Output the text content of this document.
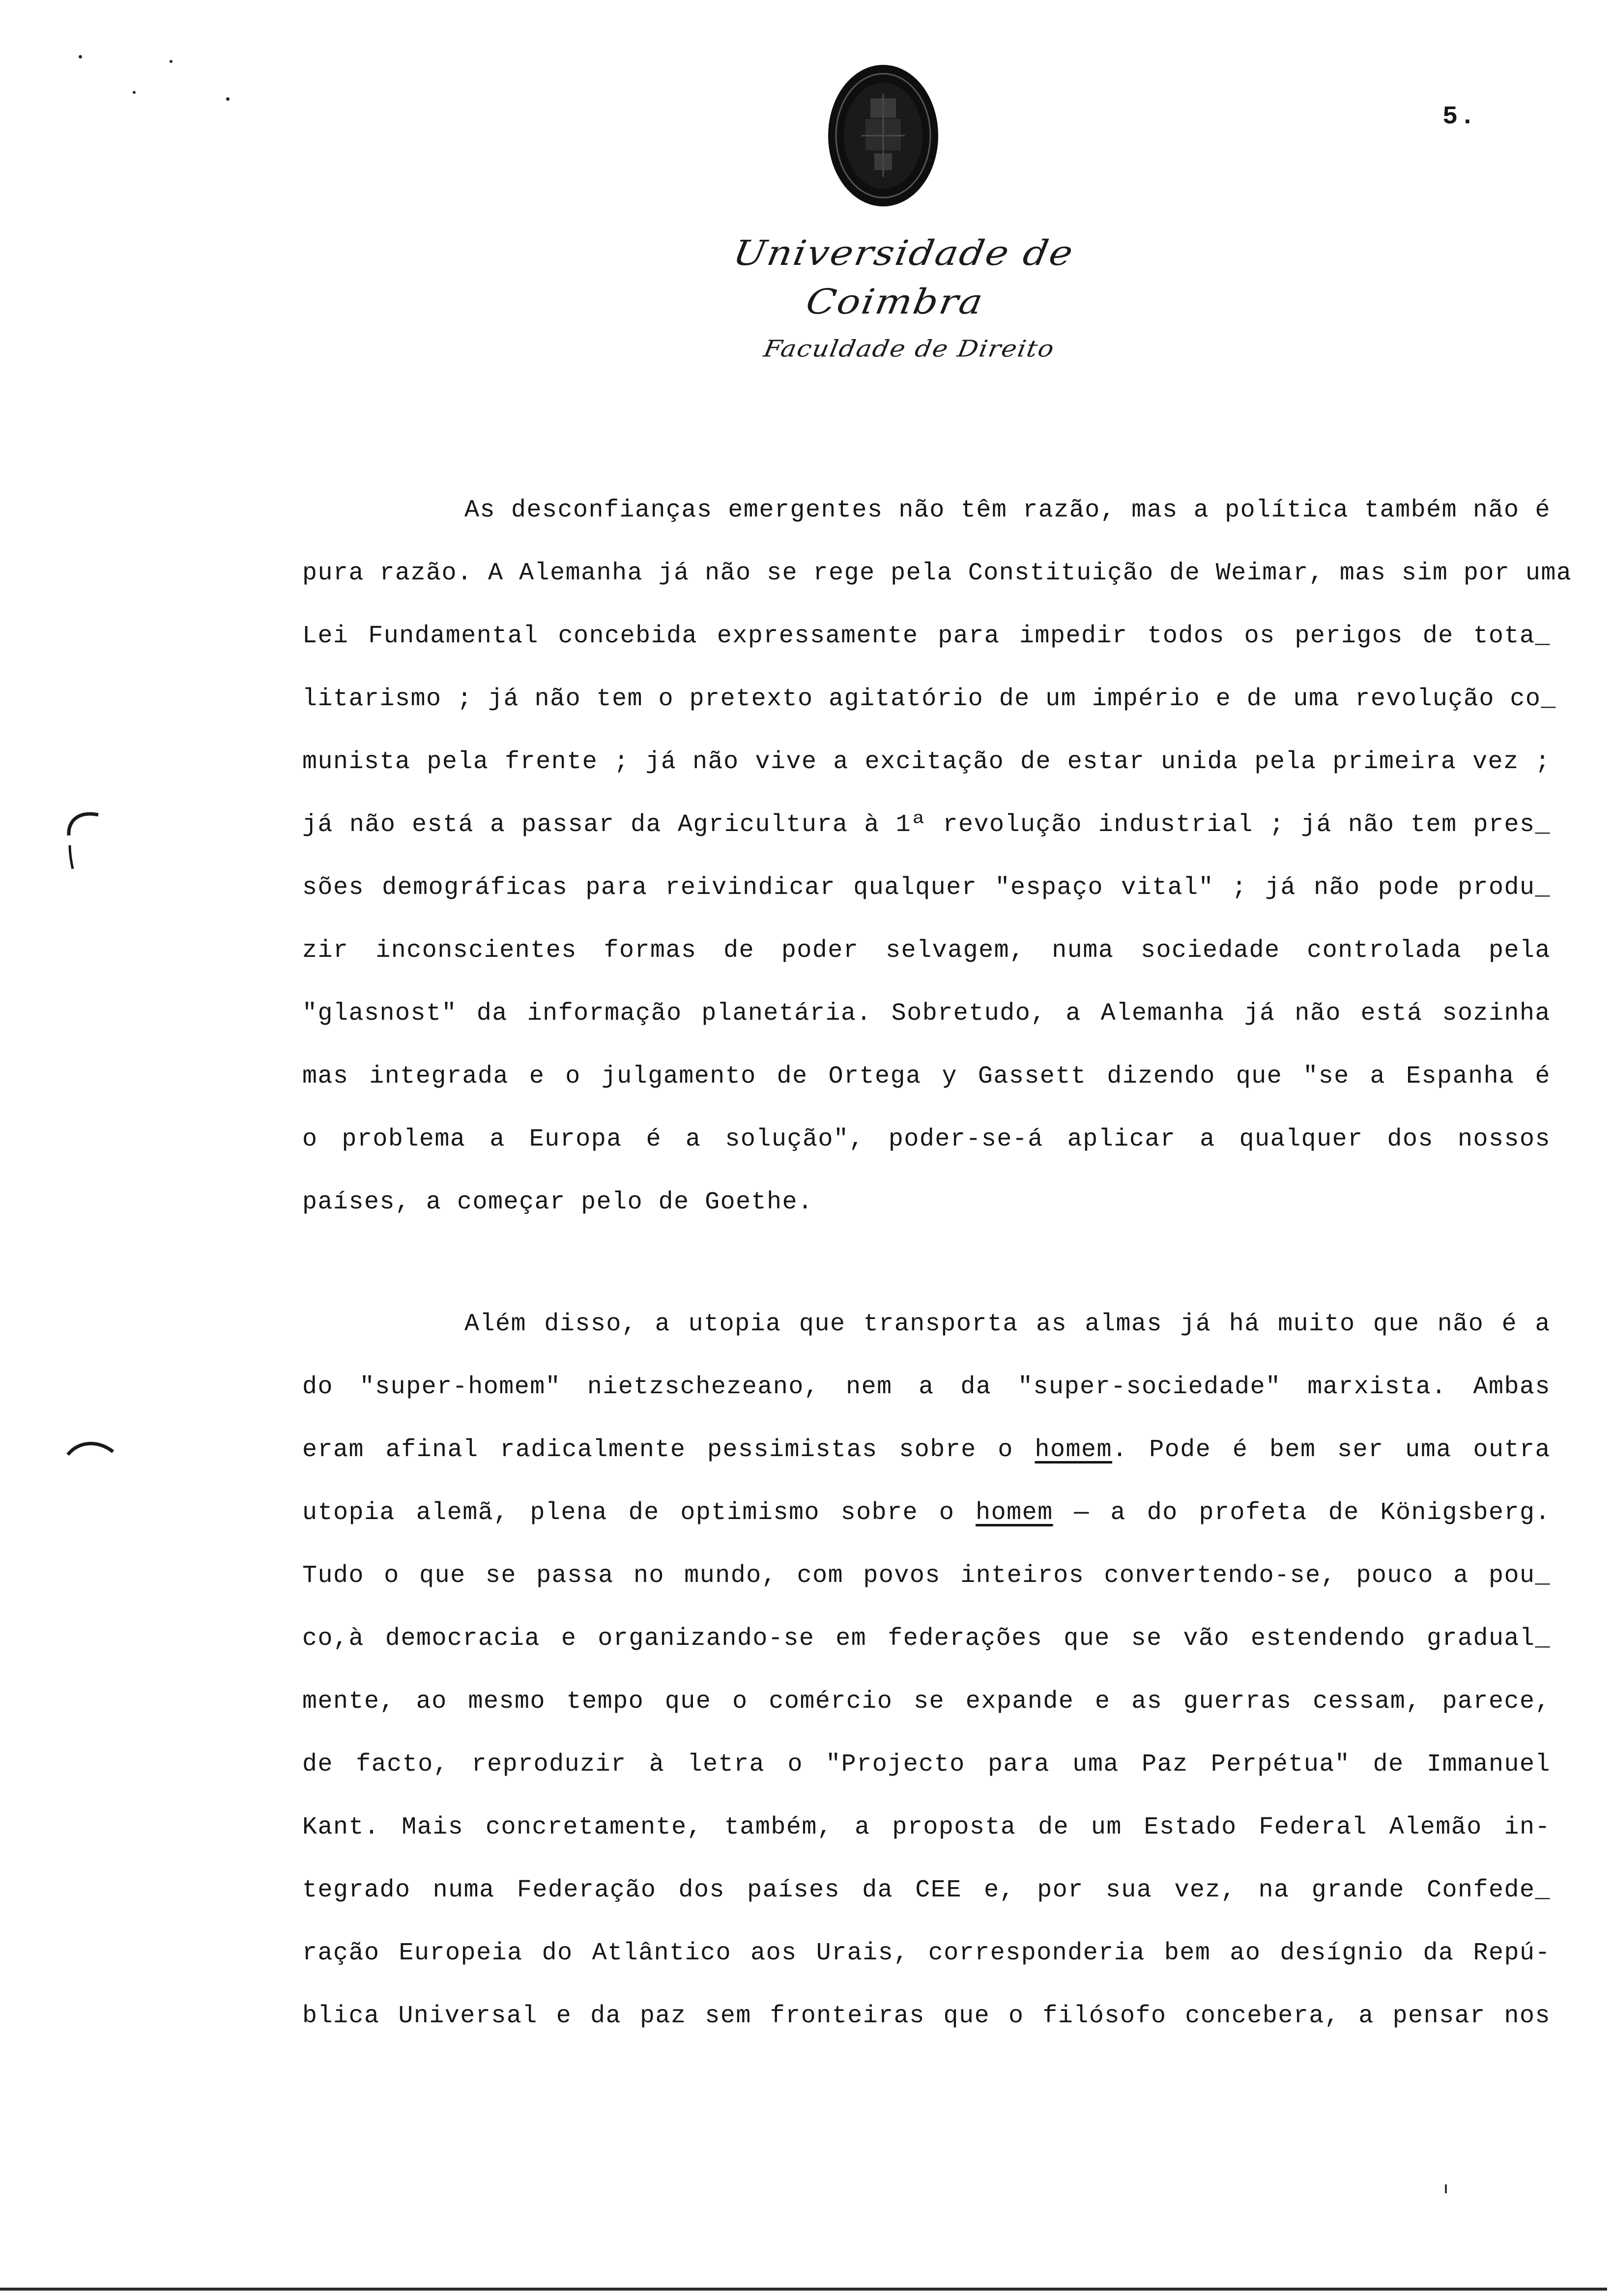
5.
Universidade de Coimbra
Faculdade de Direito
As desconfianças emergentes não têm razão, mas a política também não é
pura razão. A Alemanha já não se rege pela Constituição de Weimar, mas sim por uma
Lei Fundamental concebida expressamente para impedir todos os perigos de tota_
litarismo ; já não tem o pretexto agitatório de um império e de uma revolução co_
munista pela frente ; já não vive a excitação de estar unida pela primeira vez ;
já não está a passar da Agricultura à 1ª revolução industrial ; já não tem pres_
sões demográficas para reivindicar qualquer "espaço vital" ; já não pode produ_
zir inconscientes formas de poder selvagem, numa sociedade controlada pela
"glasnost" da informação planetária. Sobretudo, a Alemanha já não está sozinha
mas integrada e o julgamento de Ortega y Gassett dizendo que "se a Espanha é
o problema a Europa é a solução", poder-se-á aplicar a qualquer dos nossos
países, a começar pelo de Goethe.
Além disso, a utopia que transporta as almas já há muito que não é a
do "super-homem" nietzschezeano, nem a da "super-sociedade" marxista. Ambas
eram afinal radicalmente pessimistas sobre o homem. Pode é bem ser uma outra
utopia alemã, plena de optimismo sobre o homem — a do profeta de Königsberg.
Tudo o que se passa no mundo, com povos inteiros convertendo-se, pouco a pou_
co,à democracia e organizando-se em federações que se vão estendendo gradual_
mente, ao mesmo tempo que o comércio se expande e as guerras cessam, parece,
de facto, reproduzir à letra o "Projecto para uma Paz Perpétua" de Immanuel
Kant. Mais concretamente, também, a proposta de um Estado Federal Alemão in-
tegrado numa Federação dos países da CEE e, por sua vez, na grande Confede_
ração Europeia do Atlântico aos Urais, corresponderia bem ao desígnio da Repú-
blica Universal e da paz sem fronteiras que o filósofo concebera, a pensar nos
